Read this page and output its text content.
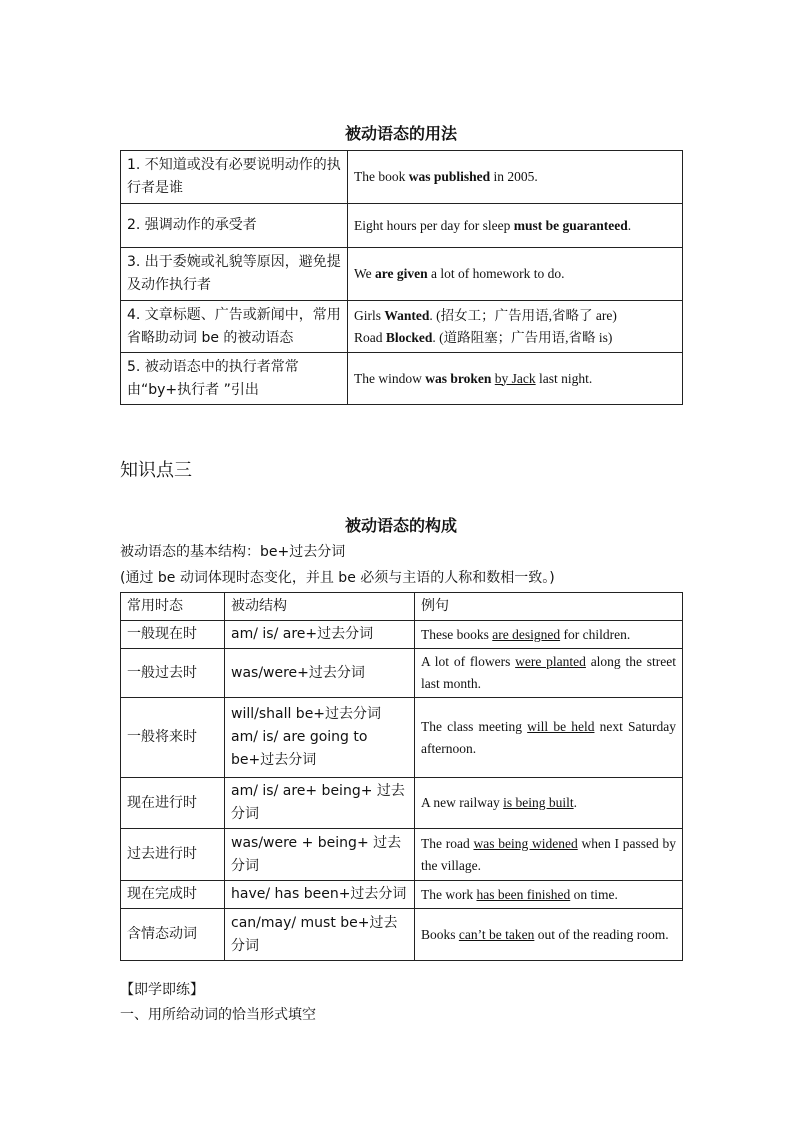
被动语态的用法
1. 不知道或没有必要说明动作的执行者是谁	The book was published in 2005.
2. 强调动作的承受者	Eight hours per day for sleep must be guaranteed.
3. 出于委婉或礼貌等原因，避免提及动作执行者	We are given a lot of homework to do.
4. 文章标题、广告或新闻中，常用省略助动词 be 的被动语态	Girls Wanted. (招女工；广告用语,省略了 are)
Road Blocked. (道路阻塞；广告用语,省略 is)

5. 被动语态中的执行者常常由“by+执行者 ”引出	The window was broken by Jack last night.
知识点三
被动语态的构成
被动语态的基本结构：be+过去分词
(通过 be 动词体现时态变化，并且 be 必须与主语的人称和数相一致。)
常用时态	被动结构	例句
一般现在时	am/ is/ are+过去分词	These books are designed for children.
一般过去时	was/were+过去分词	A lot of flowers were planted along the street last month.
一般将来时	will/shall be+过去分词
am/ is/ are going to be+过去分词	The class meeting will be held next Saturday afternoon.
现在进行时	am/ is/ are+ being+ 过去分词	A new railway is being built.
过去进行时	was/were + being+ 过去分词	The road was being widened when I passed by the village.
现在完成时	have/ has been+过去分词	The work has been finished on time.
含情态动词	can/may/ must be+过去分词	Books can’t be taken out of the reading room.
【即学即练】
一、用所给动词的恰当形式填空
